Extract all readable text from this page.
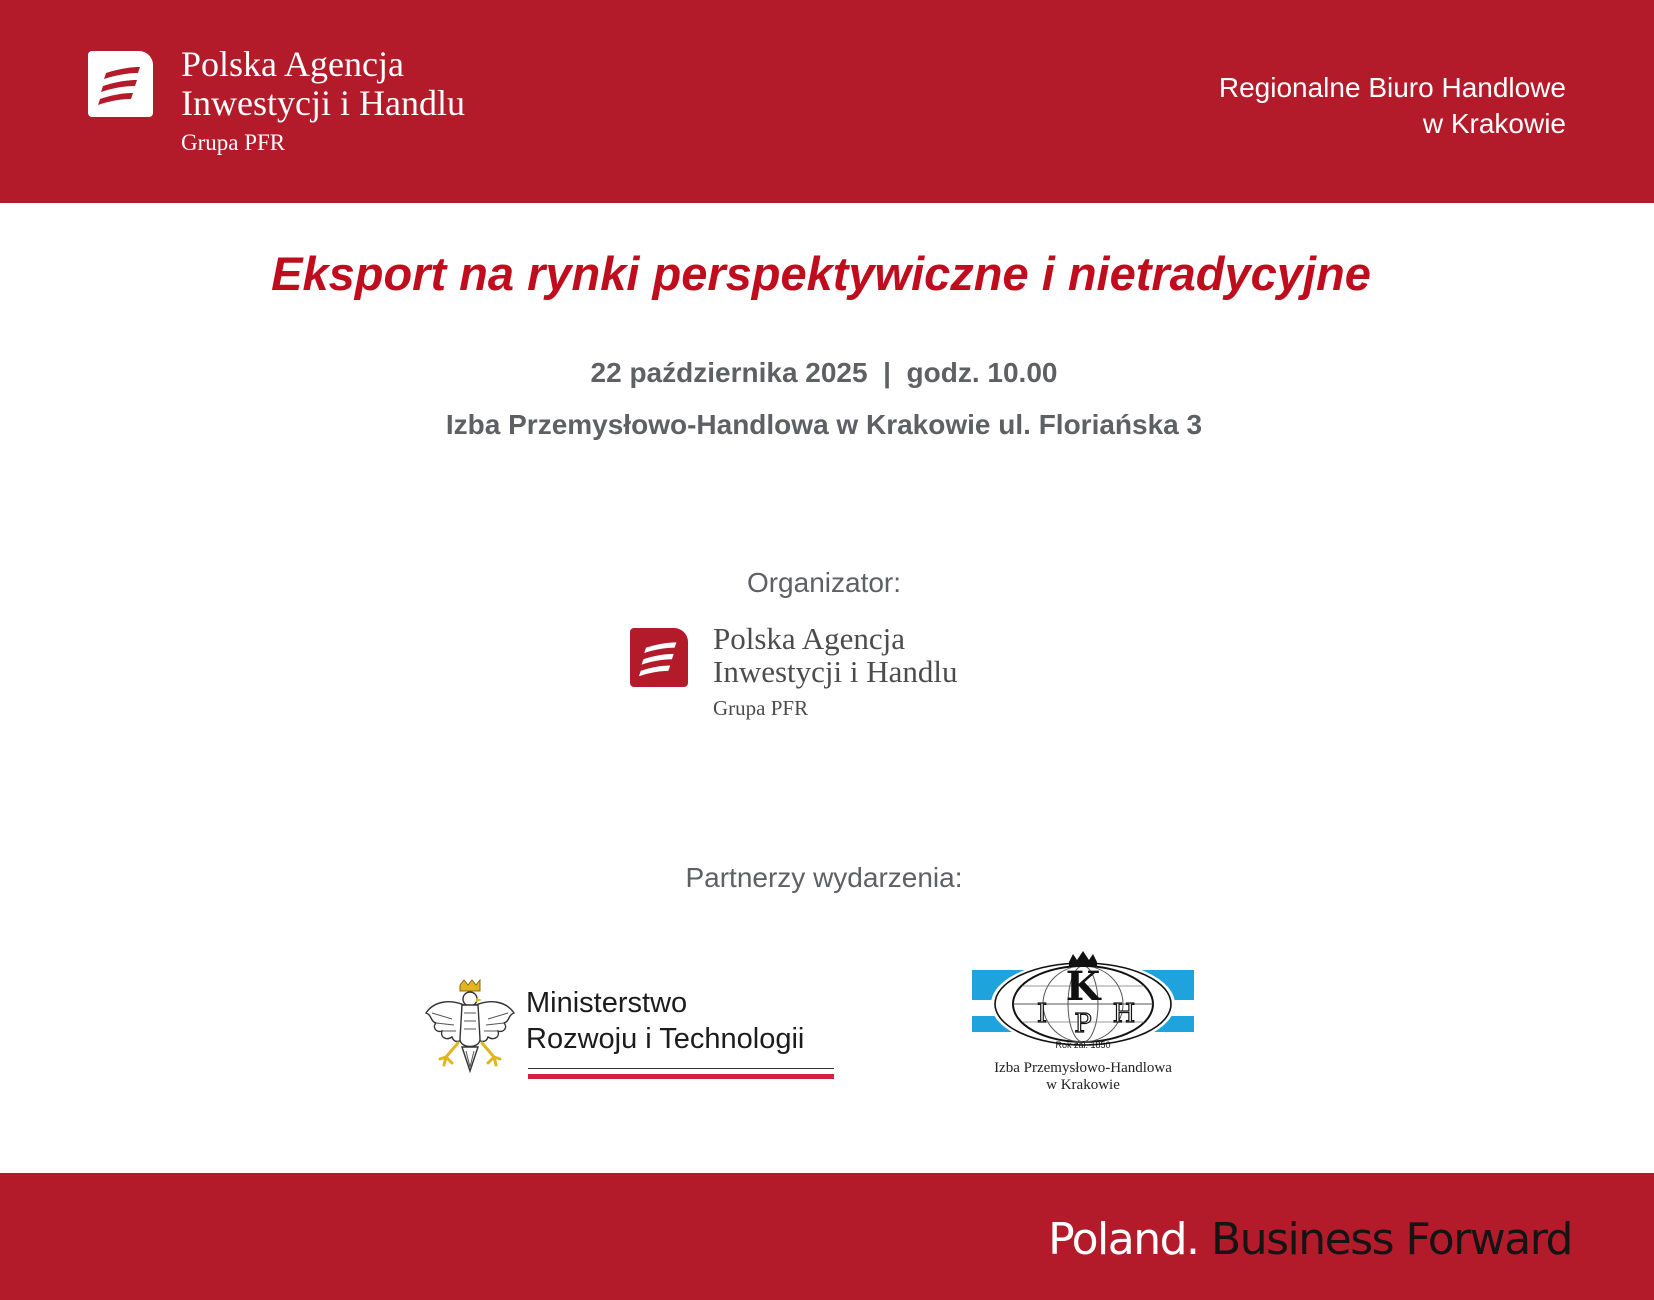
Polska Agencja
Inwestycji i Handlu
Grupa PFR
Regionalne Biuro Handlowe
w Krakowie
Eksport na rynki perspektywiczne i nietradycyjne
22 października 2025  |  godz. 10.00
Izba Przemysłowo-Handlowa w Krakowie ul. Floriańska 3
Organizator:
Polska Agencja
Inwestycji i Handlu
Grupa PFR
Partnerzy wydarzenia:
Ministerstwo
Rozwoju i Technologii
K
I P H
Rok zał. 1850
Izba Przemysłowo-Handlowa
w Krakowie
Poland. Business Forward
